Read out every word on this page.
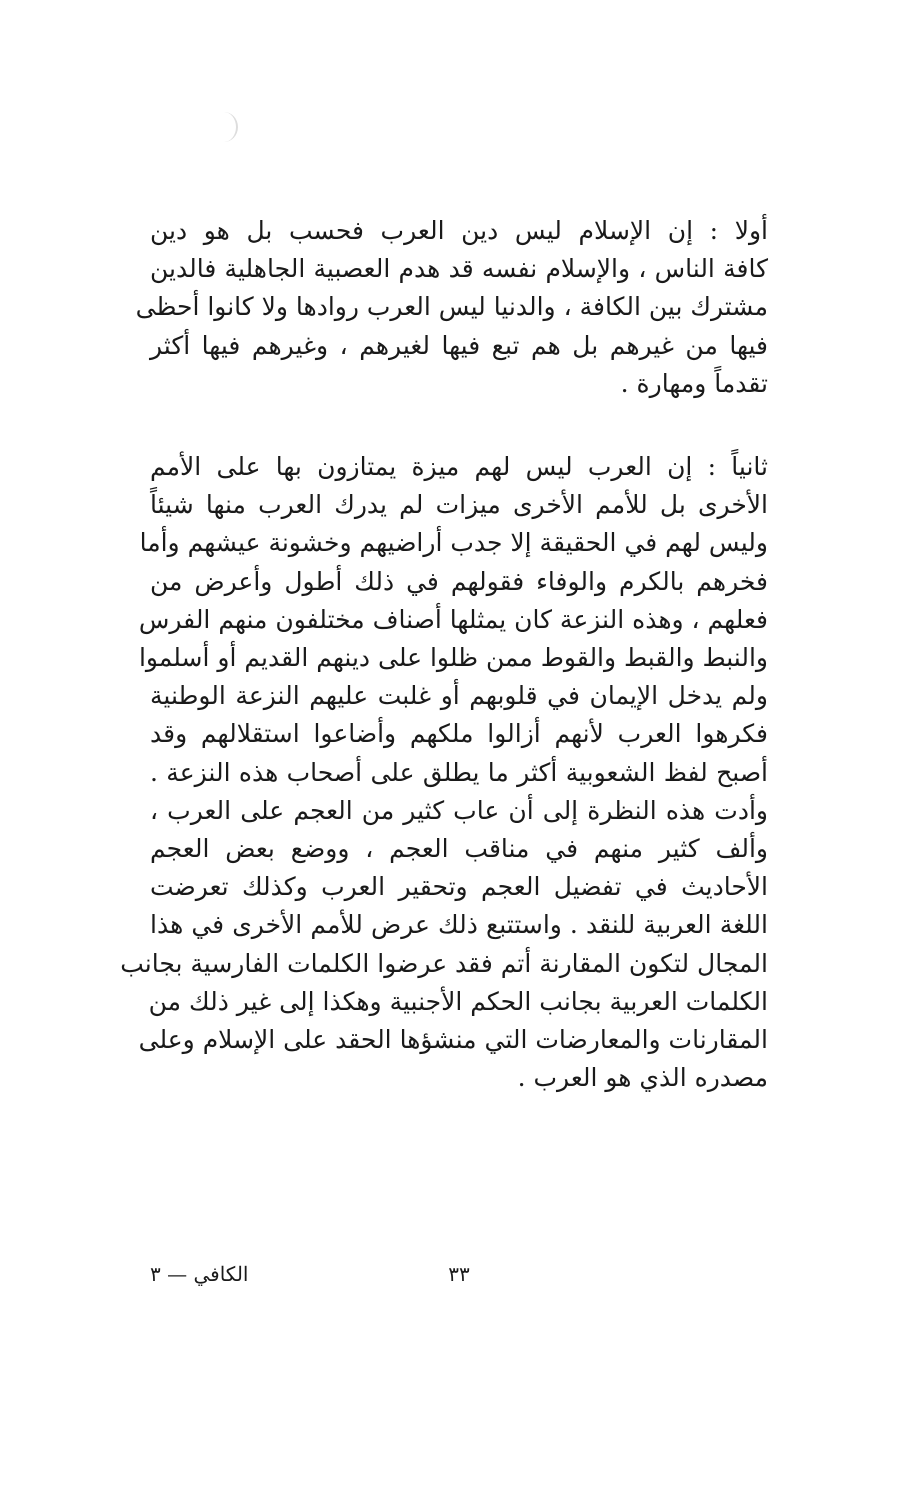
أولا : إن الإسلام ليس دين العرب فحسب بل هو دين
كافة الناس ، والإسلام نفسه قد هدم العصبية الجاهلية فالدين
مشترك بين الكافة ، والدنيا ليس العرب روادها ولا كانوا أحظى
فيها من غيرهم بل هم تبع فيها لغيرهم ، وغيرهم فيها أكثر
تقدماً ومهارة .
ثانياً : إن العرب ليس لهم ميزة يمتازون بها على الأمم
الأخرى بل للأمم الأخرى ميزات لم يدرك العرب منها شيئاً
وليس لهم في الحقيقة إلا جدب أراضيهم وخشونة عيشهم وأما
فخرهم بالكرم والوفاء فقولهم في ذلك أطول وأعرض من
فعلهم ، وهذه النزعة كان يمثلها أصناف مختلفون منهم الفرس
والنبط والقبط والقوط ممن ظلوا على دينهم القديم أو أسلموا
ولم يدخل الإيمان في قلوبهم أو غلبت عليهم النزعة الوطنية
فكرهوا العرب لأنهم أزالوا ملكهم وأضاعوا استقلالهم وقد
أصبح لفظ الشعوبية أكثر ما يطلق على أصحاب هذه النزعة .
وأدت هذه النظرة إلى أن عاب كثير من العجم على العرب ،
وألف كثير منهم في مناقب العجم ، ووضع بعض العجم
الأحاديث في تفضيل العجم وتحقير العرب وكذلك تعرضت
اللغة العربية للنقد . واستتبع ذلك عرض للأمم الأخرى في هذا
المجال لتكون المقارنة أتم فقد عرضوا الكلمات الفارسية بجانب
الكلمات العربية بجانب الحكم الأجنبية وهكذا إلى غير ذلك من
المقارنات والمعارضات التي منشؤها الحقد على الإسلام وعلى
مصدره الذي هو العرب .
٣٣
الكافي — ٣
